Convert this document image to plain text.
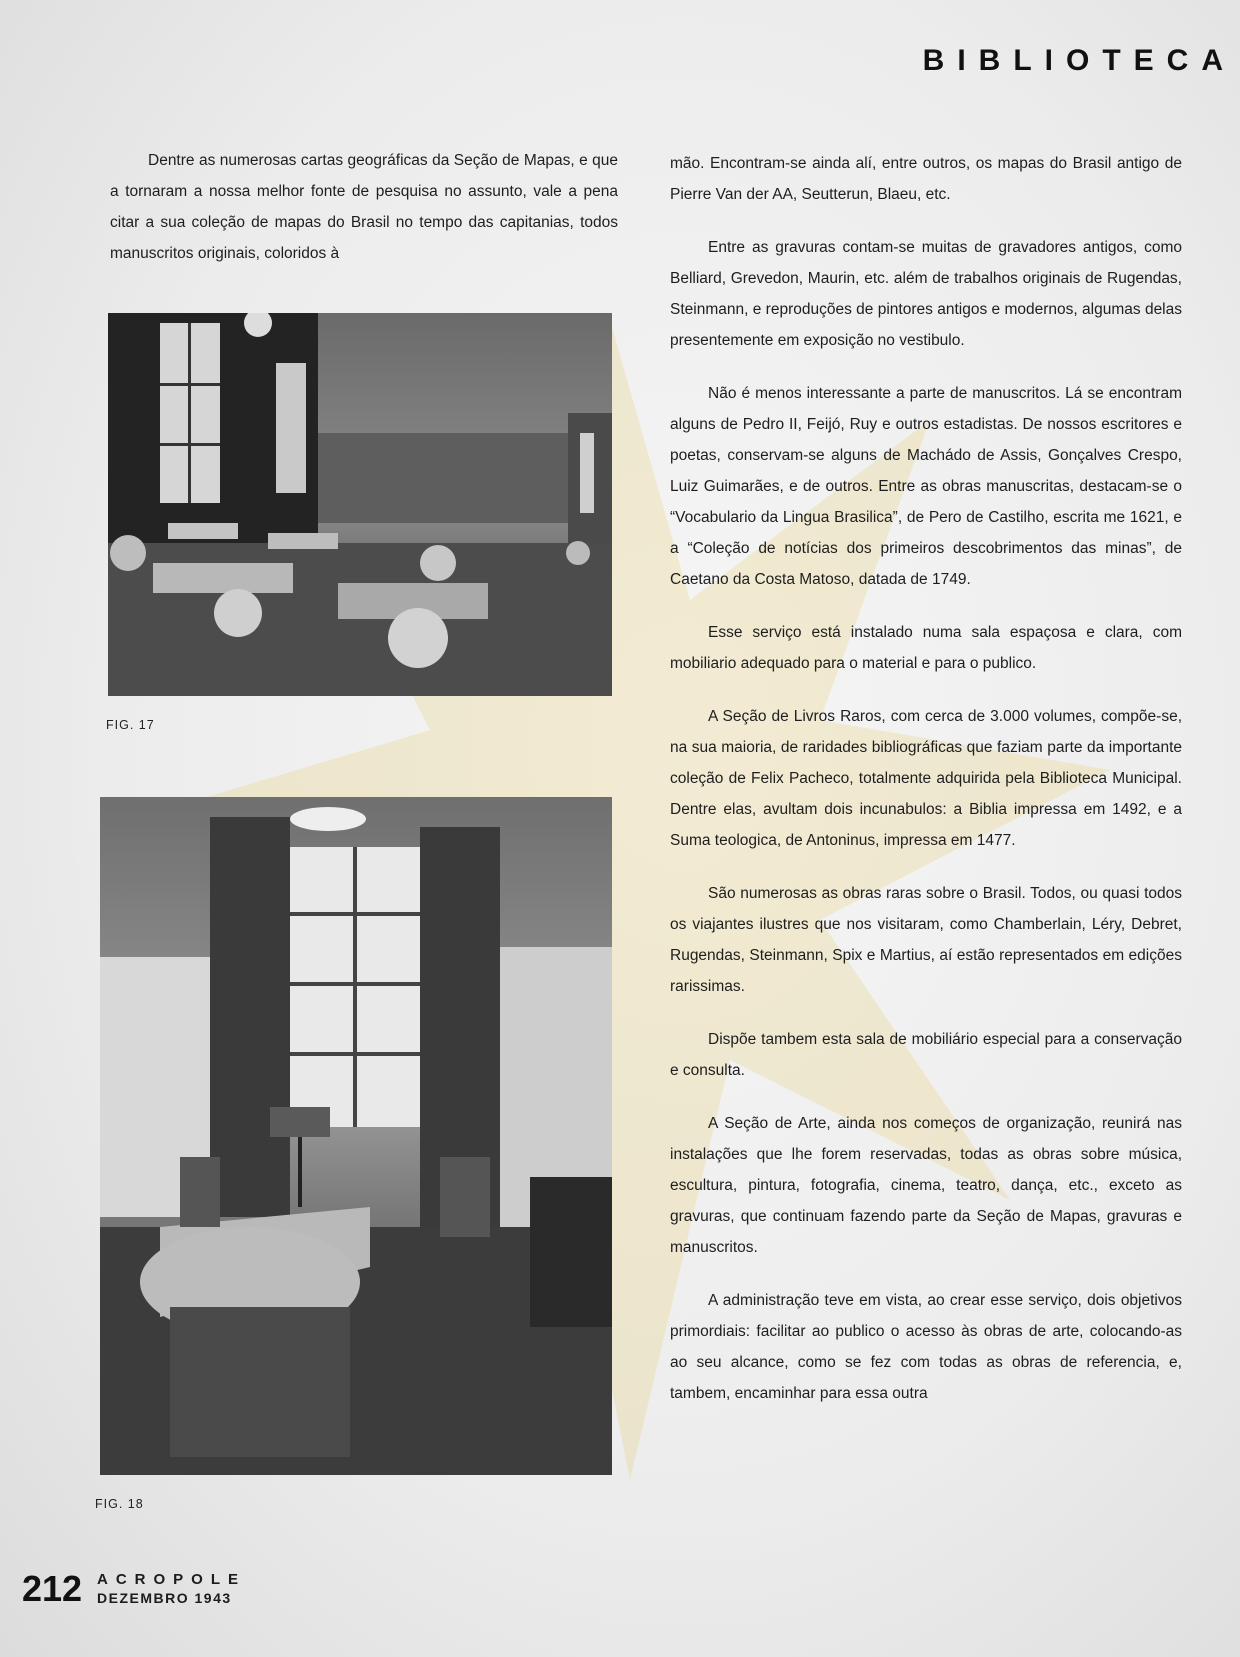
BIBLIOTECA

Dentre as numerosas cartas geográficas da Seção de Mapas, e que a tornaram a nossa melhor fonte de pesquisa no assunto, vale a pena citar a sua coleção de mapas do Brasil no tempo das capitanias, todos manuscritos originais, coloridos à

FIG. 17
FIG. 18

mão. Encontram-se ainda alí, entre outros, os mapas do Brasil antigo de Pierre Van der AA, Seutterun, Blaeu, etc.

Entre as gravuras contam-se muitas de gravadores antigos, como Belliard, Grevedon, Maurin, etc. além de trabalhos originais de Rugendas, Steinmann, e reproduções de pintores antigos e modernos, algumas delas presentemente em exposição no vestibulo.

Não é menos interessante a parte de manuscritos. Lá se encontram alguns de Pedro II, Feijó, Ruy e outros estadistas. De nossos escritores e poetas, conservam-se alguns de Machádo de Assis, Gonçalves Crespo, Luiz Guimarães, e de outros. Entre as obras manuscritas, destacam-se o “Vocabulario da Lingua Brasilica”, de Pero de Castilho, escrita me 1621, e a “Coleção de notícias dos primeiros descobrimentos das minas”, de Caetano da Costa Matoso, datada de 1749.

Esse serviço está instalado numa sala espaçosa e clara, com mobiliario adequado para o material e para o publico.

A Seção de Livros Raros, com cerca de 3.000 volumes, compõe-se, na sua maioria, de raridades bibliográficas que faziam parte da importante coleção de Felix Pacheco, totalmente adquirida pela Biblioteca Municipal. Dentre elas, avultam dois incunabulos: a Biblia impressa em 1492, e a Suma teologica, de Antoninus, impressa em 1477.

São numerosas as obras raras sobre o Brasil. Todos, ou quasi todos os viajantes ilustres que nos visitaram, como Chamberlain, Léry, Debret, Rugendas, Steinmann, Spix e Martius, aí estão representados em edições rarissimas.

Dispõe tambem esta sala de mobiliário especial para a conservação e consulta.

A Seção de Arte, ainda nos começos de organização, reunirá nas instalações que lhe forem reservadas, todas as obras sobre música, escultura, pintura, fotografia, cinema, teatro, dança, etc., exceto as gravuras, que continuam fazendo parte da Seção de Mapas, gravuras e manuscritos.

A administração teve em vista, ao crear esse serviço, dois objetivos primordiais: facilitar ao publico o acesso às obras de arte, colocando-as ao seu alcance, como se fez com todas as obras de referencia, e, tambem, encaminhar para essa outra

212 ACROPOLE
DEZEMBRO 1943
